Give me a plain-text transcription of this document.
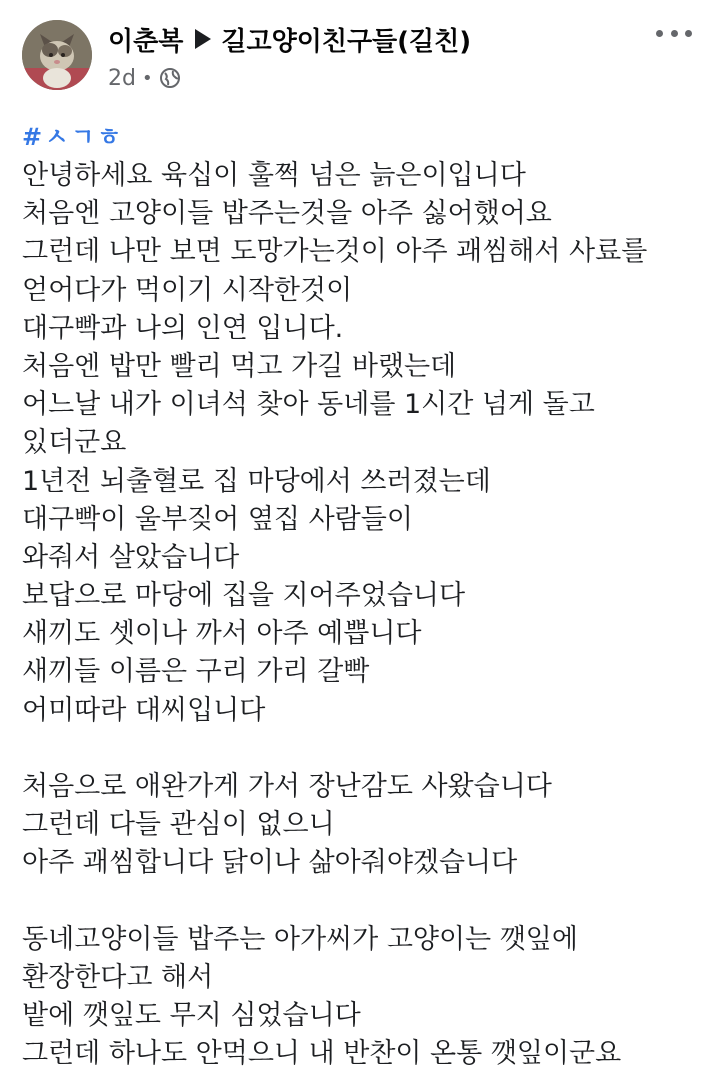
이춘복 길고양이친구들(길친)
2d •
#ㅅㄱㅎ
안녕하세요 육십이 훌쩍 넘은 늙은이입니다
처음엔 고양이들 밥주는것을 아주 싫어했어요
그런데 나만 보면 도망가는것이 아주 괘씸해서 사료를
얻어다가 먹이기 시작한것이
대구빡과 나의 인연 입니다.
처음엔 밥만 빨리 먹고 가길 바랬는데
어느날 내가 이녀석 찾아 동네를 1시간 넘게 돌고
있더군요
1년전 뇌출혈로 집 마당에서 쓰러졌는데
대구빡이 울부짖어 옆집 사람들이
와줘서 살았습니다
보답으로 마당에 집을 지어주었습니다
새끼도 셋이나 까서 아주 예쁩니다
새끼들 이름은 구리 가리 갈빡
어미따라 대씨입니다
처음으로 애완가게 가서 장난감도 사왔습니다
그런데 다들 관심이 없으니
아주 괘씸합니다 닭이나 삶아줘야겠습니다
동네고양이들 밥주는 아가씨가 고양이는 깻잎에
환장한다고 해서
밭에 깻잎도 무지 심었습니다
그런데 하나도 안먹으니 내 반찬이 온통 깻잎이군요
